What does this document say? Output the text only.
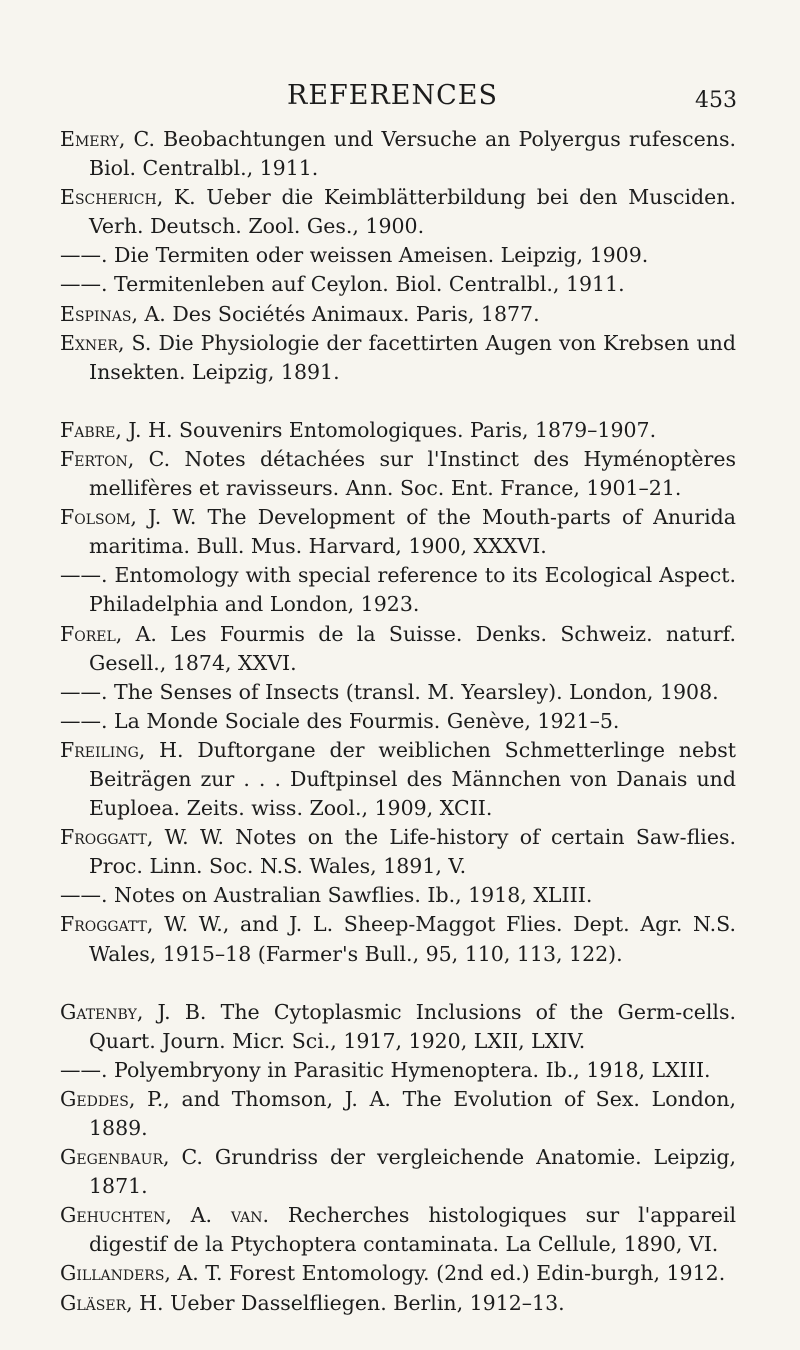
REFERENCES	453
Emery, C. Beobachtungen und Versuche an Polyergus rufescens. Biol. Centralbl., 1911.
Escherich, K. Ueber die Keimblätterbildung bei den Musciden. Verh. Deutsch. Zool. Ges., 1900.
——. Die Termiten oder weissen Ameisen. Leipzig, 1909.
——. Termitenleben auf Ceylon. Biol. Centralbl., 1911.
Espinas, A. Des Sociétés Animaux. Paris, 1877.
Exner, S. Die Physiologie der facettirten Augen von Krebsen und Insekten. Leipzig, 1891.
Fabre, J. H. Souvenirs Entomologiques. Paris, 1879–1907.
Ferton, C. Notes détachées sur l'Instinct des Hyménoptères mellifères et ravisseurs. Ann. Soc. Ent. France, 1901–21.
Folsom, J. W. The Development of the Mouth-parts of Anurida maritima. Bull. Mus. Harvard, 1900, XXXVI.
——. Entomology with special reference to its Ecological Aspect. Philadelphia and London, 1923.
Forel, A. Les Fourmis de la Suisse. Denks. Schweiz. naturf. Gesell., 1874, XXVI.
——. The Senses of Insects (transl. M. Yearsley). London, 1908.
——. La Monde Sociale des Fourmis. Genève, 1921–5.
Freiling, H. Duftorgane der weiblichen Schmetterlinge nebst Beiträgen zur . . . Duftpinsel des Männchen von Danais und Euploea. Zeits. wiss. Zool., 1909, XCII.
Froggatt, W. W. Notes on the Life-history of certain Saw-flies. Proc. Linn. Soc. N.S. Wales, 1891, V.
——. Notes on Australian Sawflies. Ib., 1918, XLIII.
Froggatt, W. W., and J. L. Sheep-Maggot Flies. Dept. Agr. N.S. Wales, 1915–18 (Farmer's Bull., 95, 110, 113, 122).
Gatenby, J. B. The Cytoplasmic Inclusions of the Germ-cells. Quart. Journ. Micr. Sci., 1917, 1920, LXII, LXIV.
——. Polyembryony in Parasitic Hymenoptera. Ib., 1918, LXIII.
Geddes, P., and Thomson, J. A. The Evolution of Sex. London, 1889.
Gegenbaur, C. Grundriss der vergleichende Anatomie. Leipzig, 1871.
Gehuchten, A. van. Recherches histologiques sur l'appareil digestif de la Ptychoptera contaminata. La Cellule, 1890, VI.
Gillanders, A. T. Forest Entomology. (2nd ed.) Edin-burgh, 1912.
Gläser, H. Ueber Dasselfliegen. Berlin, 1912–13.
